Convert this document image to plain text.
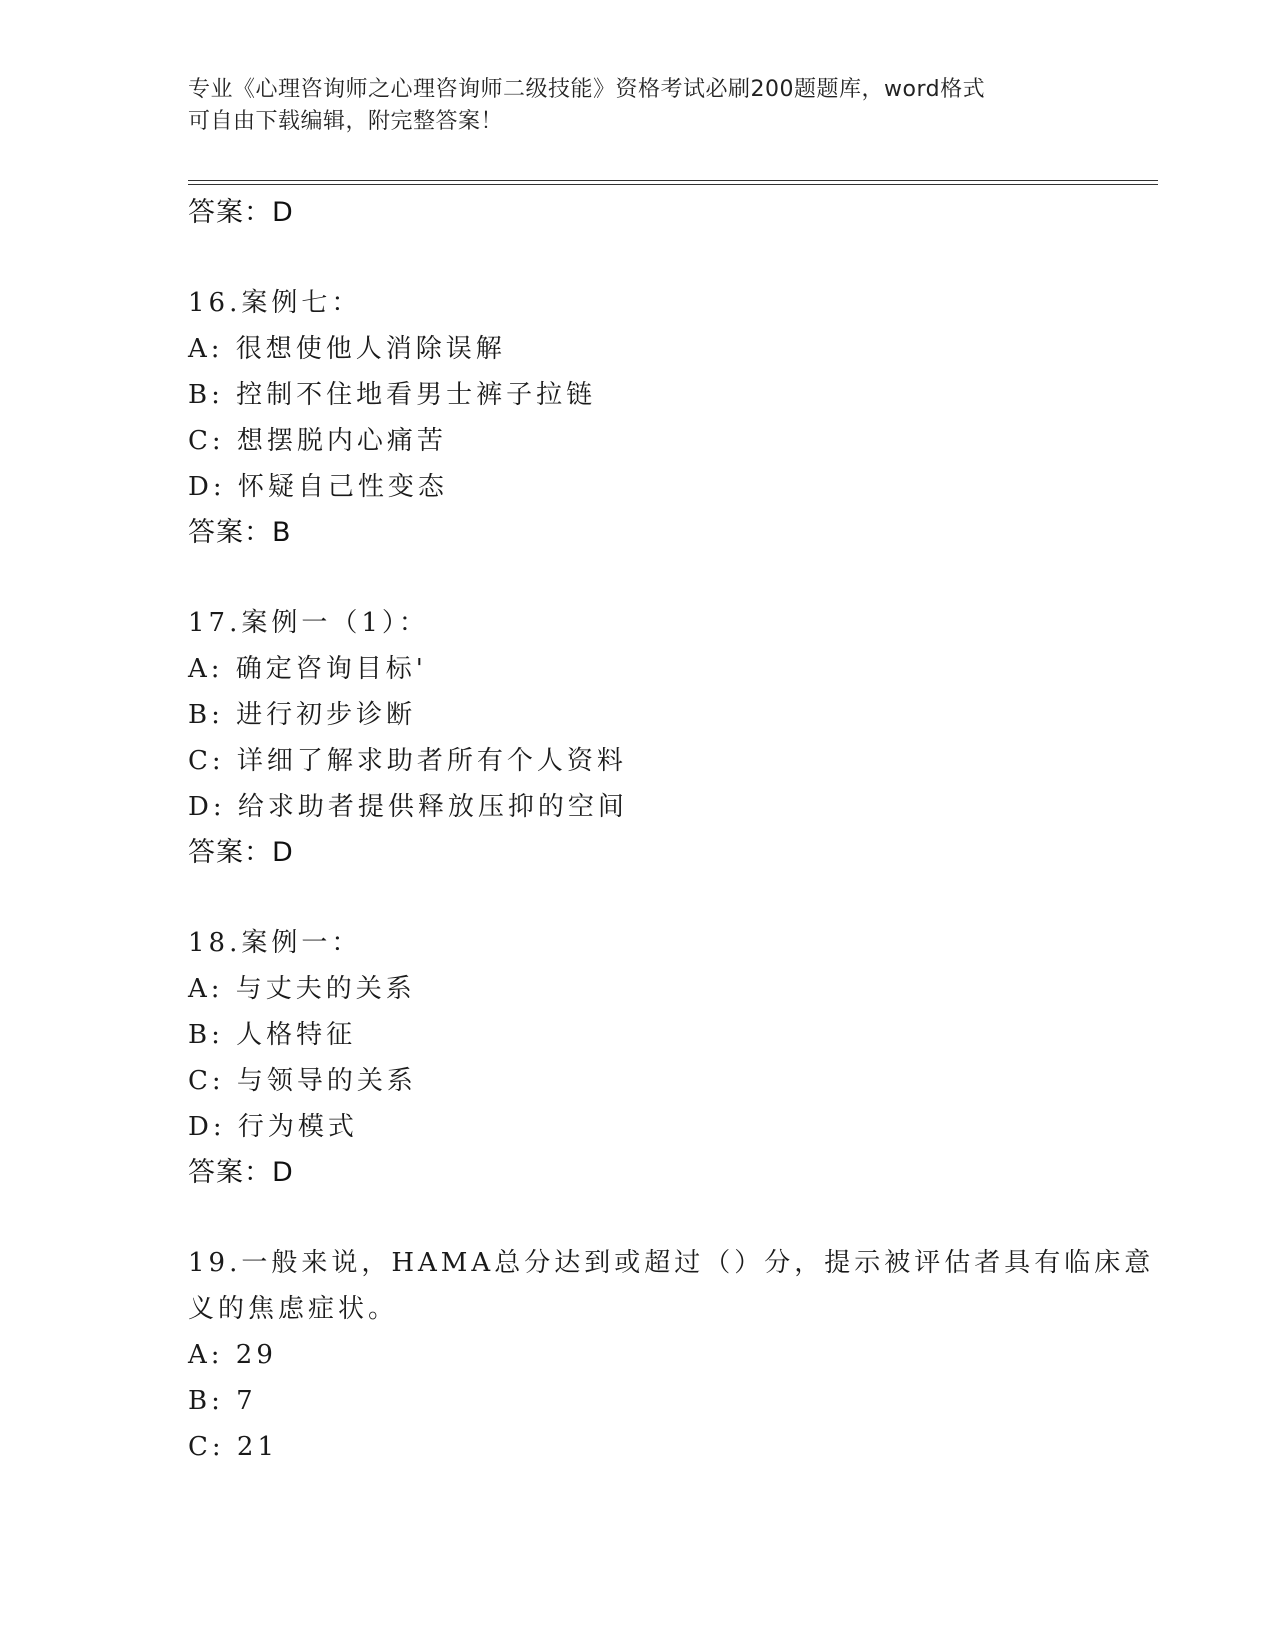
专业《心理咨询师之心理咨询师二级技能》资格考试必刷200题题库，word格式
可自由下载编辑，附完整答案！
答案：D
16.案例七：
A: 很想使他人消除误解
B: 控制不住地看男士裤子拉链
C: 想摆脱内心痛苦
D: 怀疑自己性变态
答案：B
17.案例一（1）：
A: 确定咨询目标'
B: 进行初步诊断
C: 详细了解求助者所有个人资料
D: 给求助者提供释放压抑的空间
答案：D
18.案例一：
A: 与丈夫的关系
B: 人格特征
C: 与领导的关系
D: 行为模式
答案：D
19.一般来说，HAMA总分达到或超过（）分，提示被评估者具有临床意
义的焦虑症状。
A: 29
B: 7
C: 21
